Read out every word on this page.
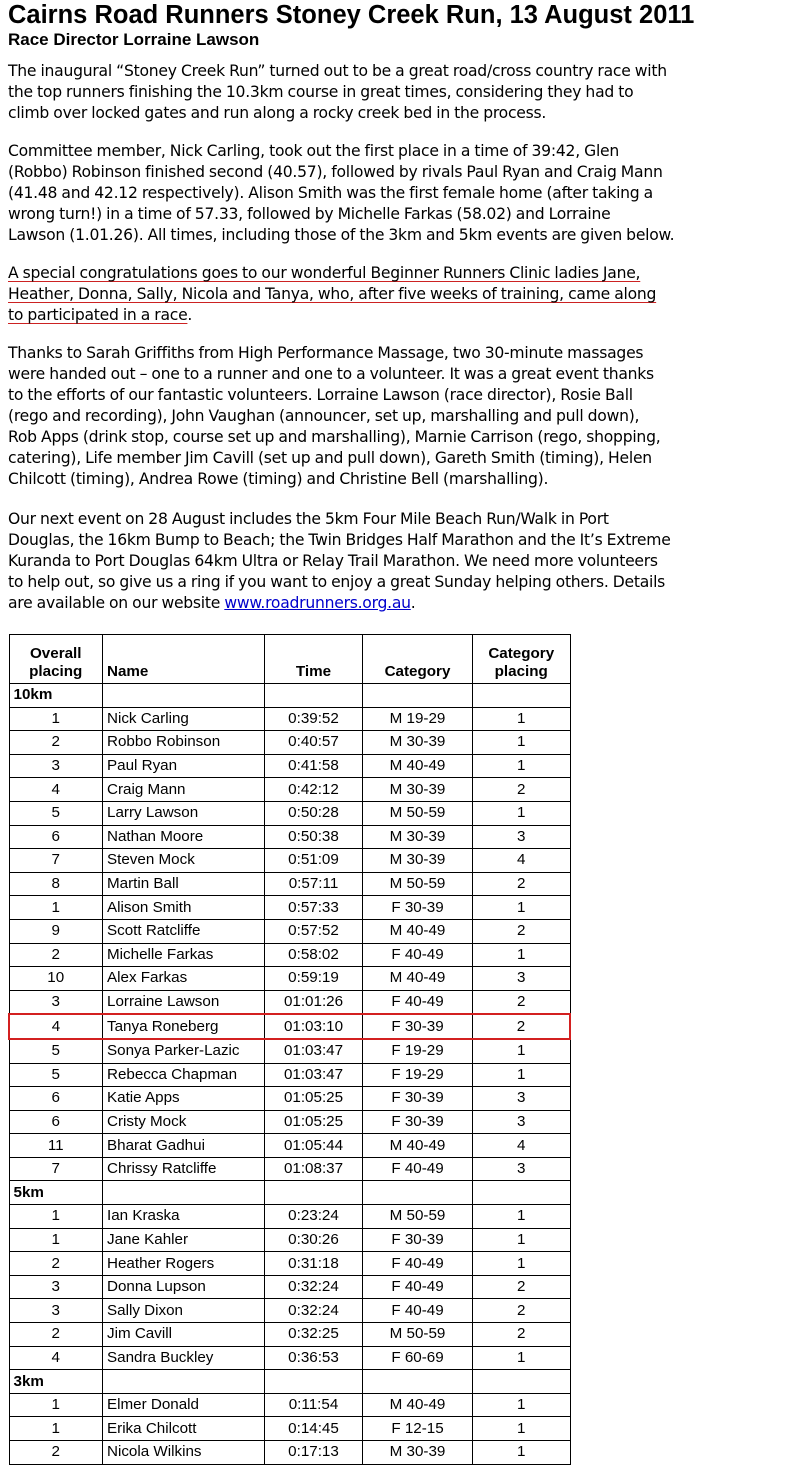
Cairns Road Runners Stoney Creek Run, 13 August 2011
Race Director Lorraine Lawson

The inaugural “Stoney Creek Run” turned out to be a great road/cross country race with
the top runners finishing the 10.3km course in great times, considering they had to
climb over locked gates and run along a rocky creek bed in the process.

Committee member, Nick Carling, took out the first place in a time of 39:42, Glen
(Robbo) Robinson finished second (40.57), followed by rivals Paul Ryan and Craig Mann
(41.48 and 42.12 respectively). Alison Smith was the first female home (after taking a
wrong turn!) in a time of 57.33, followed by Michelle Farkas (58.02) and Lorraine
Lawson (1.01.26). All times, including those of the 3km and 5km events are given below.

A special congratulations goes to our wonderful Beginner Runners Clinic ladies Jane,
Heather, Donna, Sally, Nicola and Tanya, who, after five weeks of training, came along
to participated in a race.

Thanks to Sarah Griffiths from High Performance Massage, two 30-minute massages
were handed out – one to a runner and one to a volunteer. It was a great event thanks
to the efforts of our fantastic volunteers. Lorraine Lawson (race director), Rosie Ball
(rego and recording), John Vaughan (announcer, set up, marshalling and pull down),
Rob Apps (drink stop, course set up and marshalling), Marnie Carrison (rego, shopping,
catering), Life member Jim Cavill (set up and pull down), Gareth Smith (timing), Helen
Chilcott (timing), Andrea Rowe (timing) and Christine Bell (marshalling).

Our next event on 28 August includes the 5km Four Mile Beach Run/Walk in Port
Douglas, the 16km Bump to Beach; the Twin Bridges Half Marathon and the It’s Extreme
Kuranda to Port Douglas 64km Ultra or Relay Trail Marathon. We need more volunteers
to help out, so give us a ring if you want to enjoy a great Sunday helping others. Details
are available on our website www.roadrunners.org.au.

Overall
placing	Name	Time	Category	Category
placing
10km				
1	Nick Carling	0:39:52	M 19-29	1
2	Robbo Robinson	0:40:57	M 30-39	1
3	Paul Ryan	0:41:58	M 40-49	1
4	Craig Mann	0:42:12	M 30-39	2
5	Larry Lawson	0:50:28	M 50-59	1
6	Nathan Moore	0:50:38	M 30-39	3
7	Steven Mock	0:51:09	M 30-39	4
8	Martin Ball	0:57:11	M 50-59	2
1	Alison Smith	0:57:33	F 30-39	1
9	Scott Ratcliffe	0:57:52	M 40-49	2
2	Michelle Farkas	0:58:02	F 40-49	1
10	Alex Farkas	0:59:19	M 40-49	3
3	Lorraine Lawson	01:01:26	F 40-49	2
4	Tanya Roneberg	01:03:10	F 30-39	2
5	Sonya Parker-Lazic	01:03:47	F 19-29	1
5	Rebecca Chapman	01:03:47	F 19-29	1
6	Katie Apps	01:05:25	F 30-39	3
6	Cristy Mock	01:05:25	F 30-39	3
11	Bharat Gadhui	01:05:44	M 40-49	4
7	Chrissy Ratcliffe	01:08:37	F 40-49	3
5km				
1	Ian Kraska	0:23:24	M 50-59	1
1	Jane Kahler	0:30:26	F 30-39	1
2	Heather Rogers	0:31:18	F 40-49	1
3	Donna Lupson	0:32:24	F 40-49	2
3	Sally Dixon	0:32:24	F 40-49	2
2	Jim Cavill	0:32:25	M 50-59	2
4	Sandra Buckley	0:36:53	F 60-69	1
3km				
1	Elmer Donald	0:11:54	M 40-49	1
1	Erika Chilcott	0:14:45	F 12-15	1
2	Nicola Wilkins	0:17:13	M 30-39	1
